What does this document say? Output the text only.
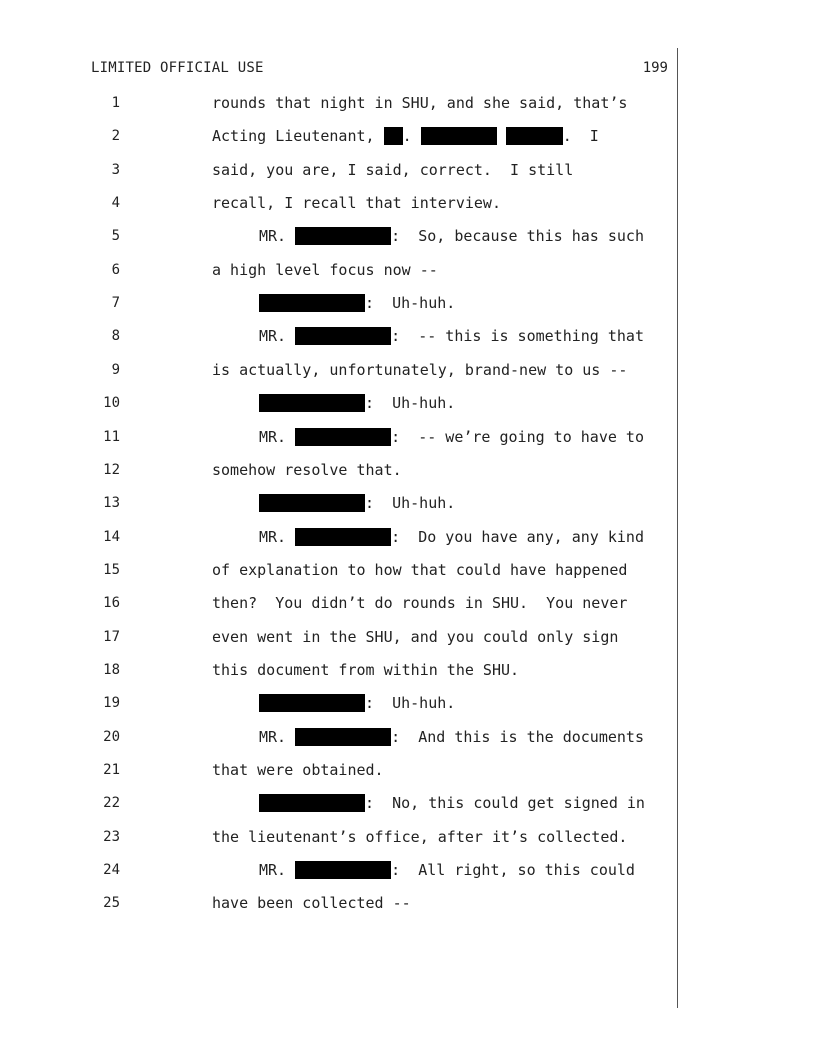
LIMITED OFFICIAL USE	199
1	rounds that night in SHU, and she said, that’s
2	Acting Lieutenant, .	.  I
3	said, you are, I said, correct.  I still
4	recall, I recall that interview.
5	MR.	:  So, because this has such
6	a high level focus now --
7	:  Uh-huh.
8	MR.	:  -- this is something that
9	is actually, unfortunately, brand-new to us --
10	:  Uh-huh.
11	MR.	:  -- we’re going to have to
12	somehow resolve that.
13	:  Uh-huh.
14	MR.	:  Do you have any, any kind
15	of explanation to how that could have happened
16	then?  You didn’t do rounds in SHU.  You never
17	even went in the SHU, and you could only sign
18	this document from within the SHU.
19	:  Uh-huh.
20	MR.	:  And this is the documents
21	that were obtained.
22	:  No, this could get signed in
23	the lieutenant’s office, after it’s collected.
24	MR.	:  All right, so this could
25	have been collected --
